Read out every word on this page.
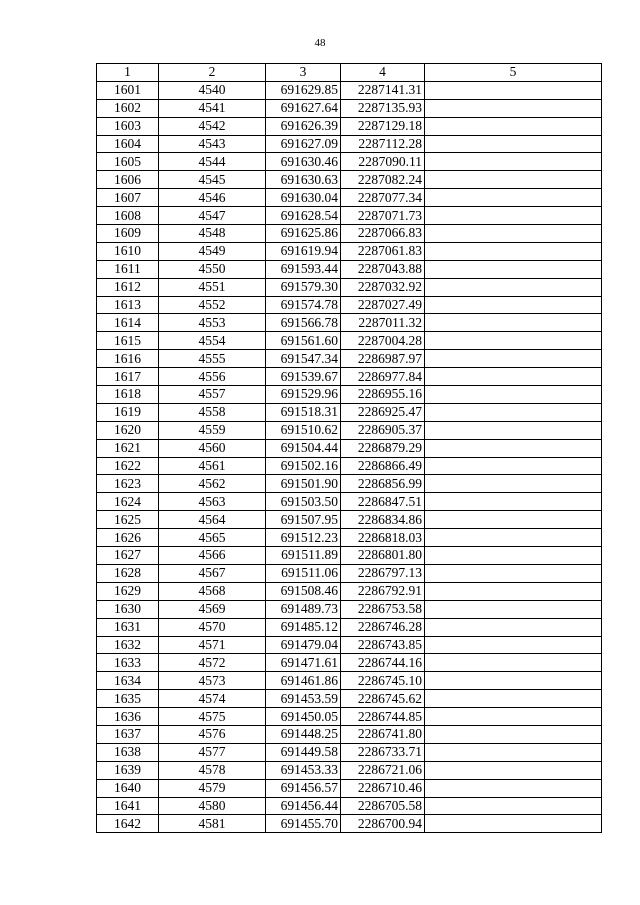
48
1	2	3	4	5
1601	4540	691629.85	2287141.31	
1602	4541	691627.64	2287135.93	
1603	4542	691626.39	2287129.18	
1604	4543	691627.09	2287112.28	
1605	4544	691630.46	2287090.11	
1606	4545	691630.63	2287082.24	
1607	4546	691630.04	2287077.34	
1608	4547	691628.54	2287071.73	
1609	4548	691625.86	2287066.83	
1610	4549	691619.94	2287061.83	
1611	4550	691593.44	2287043.88	
1612	4551	691579.30	2287032.92	
1613	4552	691574.78	2287027.49	
1614	4553	691566.78	2287011.32	
1615	4554	691561.60	2287004.28	
1616	4555	691547.34	2286987.97	
1617	4556	691539.67	2286977.84	
1618	4557	691529.96	2286955.16	
1619	4558	691518.31	2286925.47	
1620	4559	691510.62	2286905.37	
1621	4560	691504.44	2286879.29	
1622	4561	691502.16	2286866.49	
1623	4562	691501.90	2286856.99	
1624	4563	691503.50	2286847.51	
1625	4564	691507.95	2286834.86	
1626	4565	691512.23	2286818.03	
1627	4566	691511.89	2286801.80	
1628	4567	691511.06	2286797.13	
1629	4568	691508.46	2286792.91	
1630	4569	691489.73	2286753.58	
1631	4570	691485.12	2286746.28	
1632	4571	691479.04	2286743.85	
1633	4572	691471.61	2286744.16	
1634	4573	691461.86	2286745.10	
1635	4574	691453.59	2286745.62	
1636	4575	691450.05	2286744.85	
1637	4576	691448.25	2286741.80	
1638	4577	691449.58	2286733.71	
1639	4578	691453.33	2286721.06	
1640	4579	691456.57	2286710.46	
1641	4580	691456.44	2286705.58	
1642	4581	691455.70	2286700.94	
